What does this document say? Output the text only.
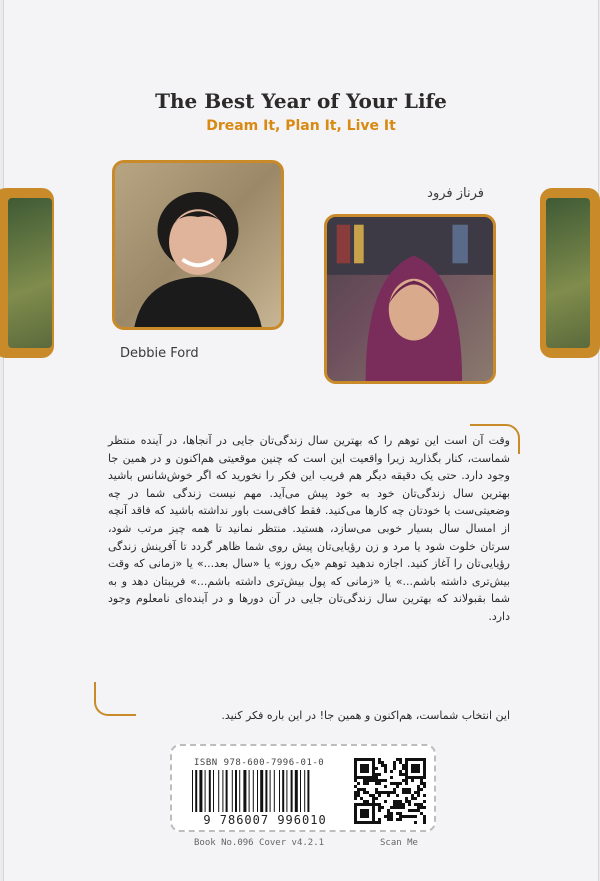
The Best Year of Your Life
Dream It, Plan It, Live It
Debbie Ford
فرناز فرود
وقت آن است این توهم را که بهترین سال زندگی‌تان جایی در آنجاها، در آینده منتظر شماست، کنار بگذارید زیرا واقعیت این است که چنین موقعیتی هم‌اکنون و در همین جا وجود دارد. حتی یک دقیقه دیگر هم فریب این فکر را نخورید که اگر خوش‌شانس باشید بهترین سال زندگی‌تان خود به خود پیش می‌آید. مهم نیست زندگی شما در چه وضعیتی‌ست یا خودتان چه کارها می‌کنید. فقط کافی‌ست باور نداشته باشید که فاقد آنچه از امسال سال بسیار خوبی می‌سازد، هستید. منتظر نمانید تا همه چیز مرتب شود، سرتان خلوت شود یا مرد و زن رؤیایی‌تان پیش روی شما ظاهر گردد تا آفرینش زندگی رؤیایی‌تان را آغاز کنید. اجازه ندهید توهم «یک روز» یا «سال بعد...» یا «زمانی که وقت بیش‌تری داشته باشم...» یا «زمانی که پول بیش‌تری داشته باشم...» فریبتان دهد و به شما بقبولاند که بهترین سال زندگی‌تان جایی در آن دورها و در آینده‌ای نامعلوم وجود دارد.
این انتخاب شماست، هم‌اکنون و همین جا! در این باره فکر کنید.
ISBN 978-600-7996-01-0
9 786007 996010
Book No.096 Cover v4.2.1	Scan Me
